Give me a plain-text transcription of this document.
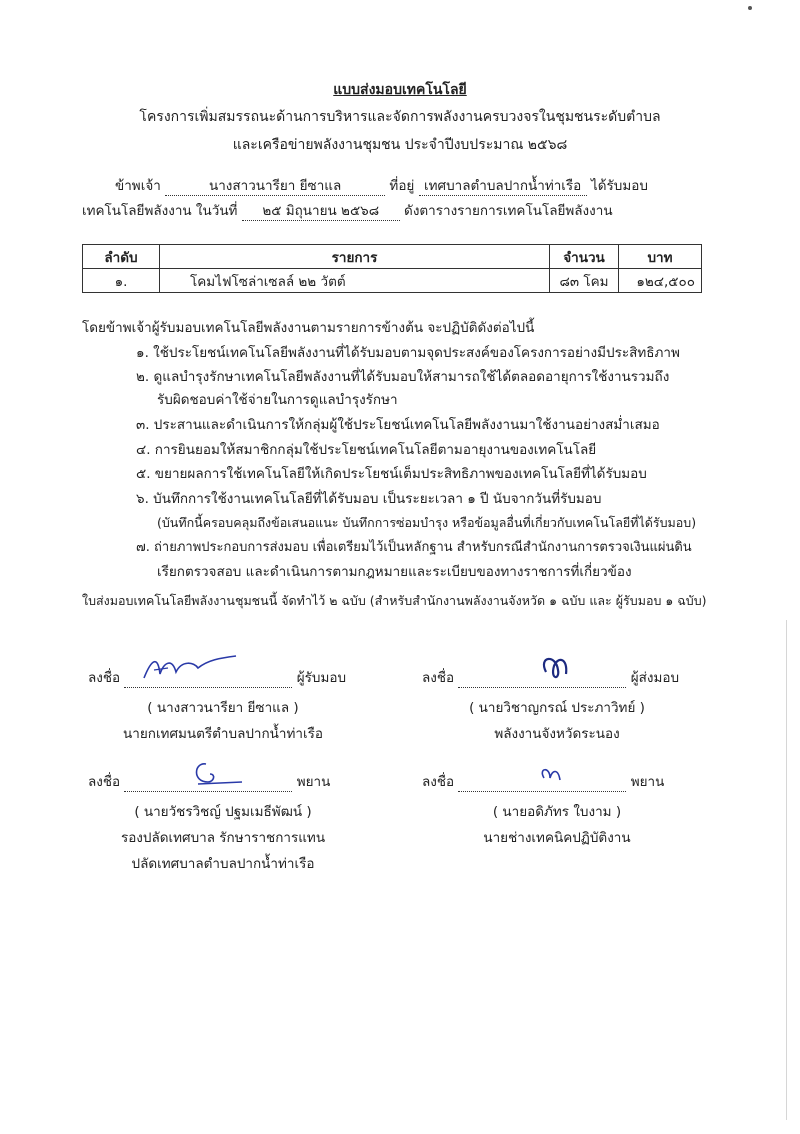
แบบส่งมอบเทคโนโลยี
โครงการเพิ่มสมรรถนะด้านการบริหารและจัดการพลังงานครบวงจรในชุมชนระดับตำบล
และเครือข่ายพลังงานชุมชน ประจำปีงบประมาณ ๒๕๖๘
ข้าพเจ้า	นางสาวนารียา ยีซาแล	ที่อยู่ เทศบาลตำบลปากน้ำท่าเรือ ได้รับมอบ
เทคโนโลยีพลังงาน ในวันที่ ๒๕ มิถุนายน ๒๕๖๘ ดังตารางรายการเทคโนโลยีพลังงาน
ลำดับ	รายการ	จำนวน	บาท
๑.	โคมไฟโซล่าเซลล์ ๒๒ วัตต์	๘๓ โคม	๑๒๔,๕๐๐
โดยข้าพเจ้าผู้รับมอบเทคโนโลยีพลังงานตามรายการข้างต้น จะปฏิบัติดังต่อไปนี้
๑. ใช้ประโยชน์เทคโนโลยีพลังงานที่ได้รับมอบตามจุดประสงค์ของโครงการอย่างมีประสิทธิภาพ
๒. ดูแลบำรุงรักษาเทคโนโลยีพลังงานที่ได้รับมอบให้สามารถใช้ได้ตลอดอายุการใช้งานรวมถึง
รับผิดชอบค่าใช้จ่ายในการดูแลบำรุงรักษา
๓. ประสานและดำเนินการให้กลุ่มผู้ใช้ประโยชน์เทคโนโลยีพลังงานมาใช้งานอย่างสม่ำเสมอ
๔. การยินยอมให้สมาชิกกลุ่มใช้ประโยชน์เทคโนโลยีตามอายุงานของเทคโนโลยี
๕. ขยายผลการใช้เทคโนโลยีให้เกิดประโยชน์เต็มประสิทธิภาพของเทคโนโลยีที่ได้รับมอบ
๖. บันทึกการใช้งานเทคโนโลยีที่ได้รับมอบ เป็นระยะเวลา ๑ ปี นับจากวันที่รับมอบ
(บันทึกนี้ครอบคลุมถึงข้อเสนอแนะ บันทึกการซ่อมบำรุง หรือข้อมูลอื่นที่เกี่ยวกับเทคโนโลยีที่ได้รับมอบ)
๗. ถ่ายภาพประกอบการส่งมอบ เพื่อเตรียมไว้เป็นหลักฐาน สำหรับกรณีสำนักงานการตรวจเงินแผ่นดิน
เรียกตรวจสอบ และดำเนินการตามกฎหมายและระเบียบของทางราชการที่เกี่ยวข้อง
ใบส่งมอบเทคโนโลยีพลังงานชุมชนนี้ จัดทำไว้ ๒ ฉบับ (สำหรับสำนักงานพลังงานจังหวัด ๑ ฉบับ และ ผู้รับมอบ ๑ ฉบับ)
ลงชื่อ	ผู้รับมอบ
( นางสาวนารียา ยีซาแล )
นายกเทศมนตรีตำบลปากน้ำท่าเรือ
ลงชื่อ	ผู้ส่งมอบ
( นายวิชาญกรณ์ ประภาวิทย์ )
พลังงานจังหวัดระนอง
ลงชื่อ	พยาน
( นายวัชรวิชญ์ ปฐมเมธีพัฒน์ )
รองปลัดเทศบาล รักษาราชการแทน
ปลัดเทศบาลตำบลปากน้ำท่าเรือ
ลงชื่อ	พยาน
( นายอดิภัทร ใบงาม )
นายช่างเทคนิคปฏิบัติงาน
